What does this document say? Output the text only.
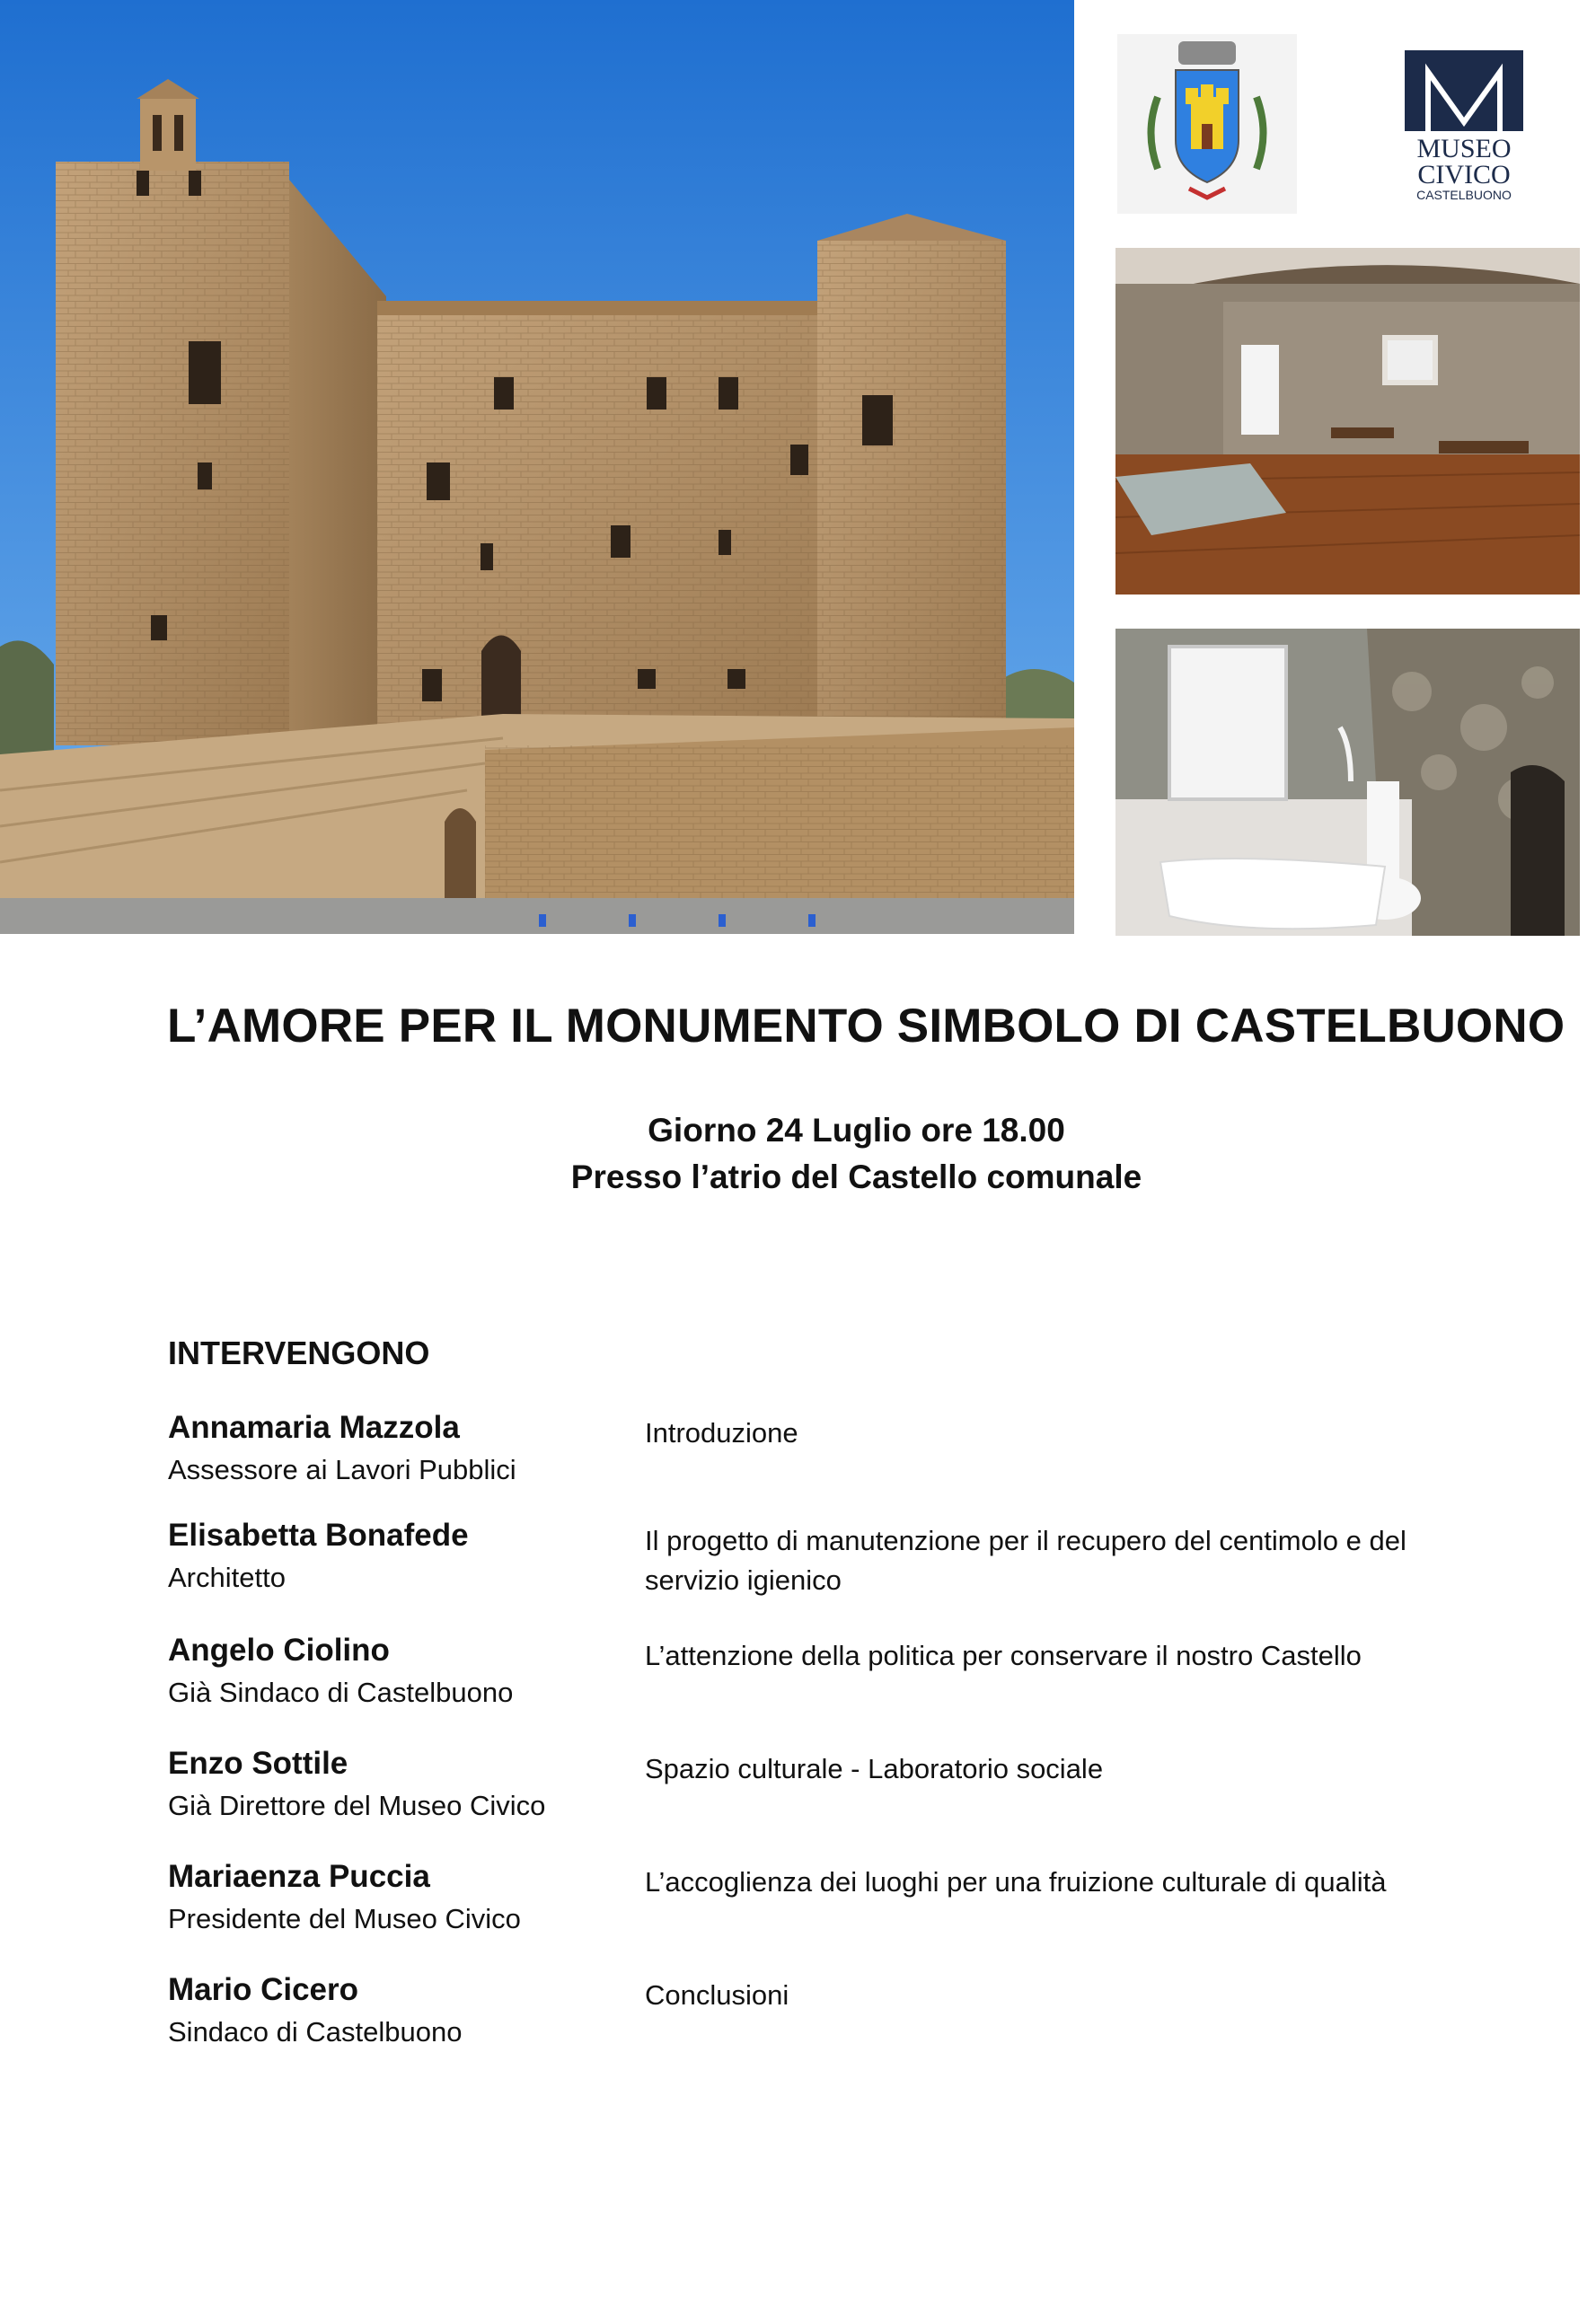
MUSEO
CIVICO
CASTELBUONO
L’AMORE PER IL MONUMENTO SIMBOLO DI CASTELBUONO
Giorno 24 Luglio ore 18.00
Presso l’atrio del Castello comunale
INTERVENGONO
Annamaria Mazzola
Assessore ai Lavori Pubblici
Introduzione
Elisabetta Bonafede
Architetto
Il progetto di manutenzione per il recupero del centimolo e del servizio igienico
Angelo Ciolino
Già Sindaco di Castelbuono
L’attenzione della politica per conservare il nostro Castello
Enzo Sottile
Già Direttore del Museo Civico
Spazio culturale - Laboratorio sociale
Mariaenza Puccia
Presidente del Museo Civico
L’accoglienza dei luoghi per una fruizione culturale di qualità
Mario Cicero
Sindaco di Castelbuono
Conclusioni
